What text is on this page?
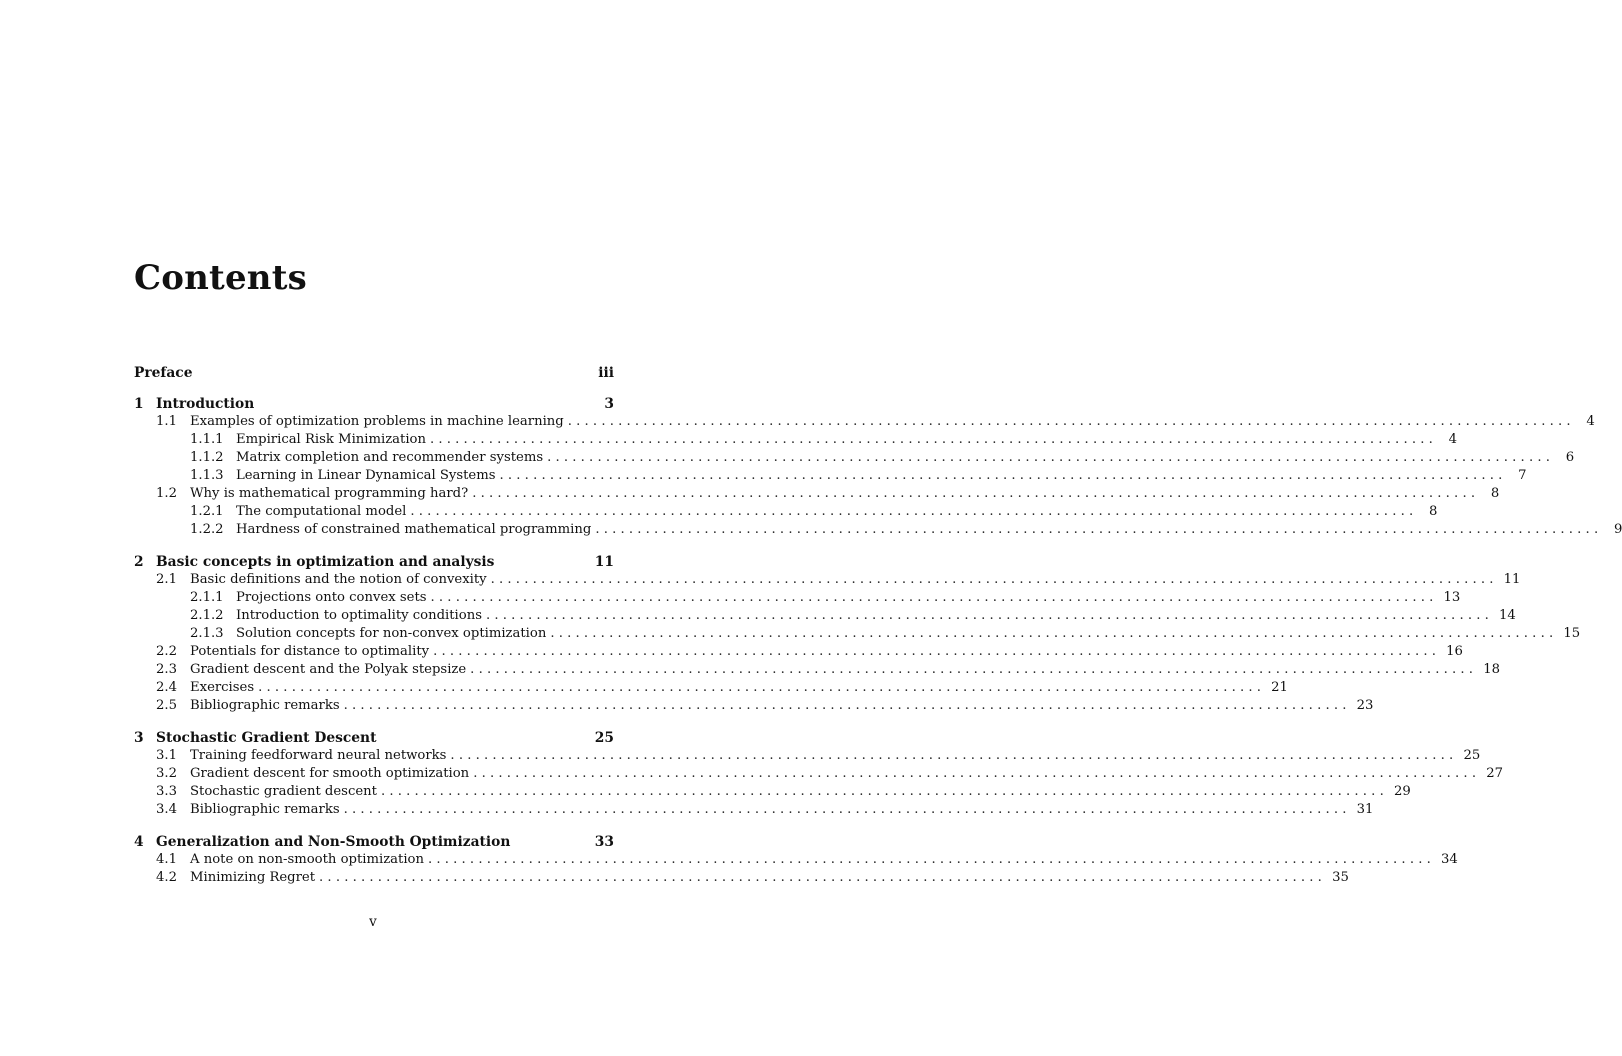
Contents
Preface	iii
1 Introduction	3
1.1 Examples of optimization problems in machine learning ........................................................................................................................ 4
1.1.1 Empirical Risk Minimization ........................................................................................................................ 4
1.1.2 Matrix completion and recommender systems ........................................................................................................................ 6
1.1.3 Learning in Linear Dynamical Systems ........................................................................................................................ 7
1.2 Why is mathematical programming hard? ........................................................................................................................ 8
1.2.1 The computational model ........................................................................................................................ 8
1.2.2 Hardness of constrained mathematical programming ........................................................................................................................ 9
2 Basic concepts in optimization and analysis	11
2.1 Basic definitions and the notion of convexity ........................................................................................................................ 11
2.1.1 Projections onto convex sets ........................................................................................................................ 13
2.1.2 Introduction to optimality conditions ........................................................................................................................ 14
2.1.3 Solution concepts for non-convex optimization ........................................................................................................................ 15
2.2 Potentials for distance to optimality ........................................................................................................................ 16
2.3 Gradient descent and the Polyak stepsize ........................................................................................................................ 18
2.4 Exercises ........................................................................................................................ 21
2.5 Bibliographic remarks ........................................................................................................................ 23
3 Stochastic Gradient Descent	25
3.1 Training feedforward neural networks ........................................................................................................................ 25
3.2 Gradient descent for smooth optimization ........................................................................................................................ 27
3.3 Stochastic gradient descent ........................................................................................................................ 29
3.4 Bibliographic remarks ........................................................................................................................ 31
4 Generalization and Non-Smooth Optimization	33
4.1 A note on non-smooth optimization ........................................................................................................................ 34
4.2 Minimizing Regret ........................................................................................................................ 35
v
